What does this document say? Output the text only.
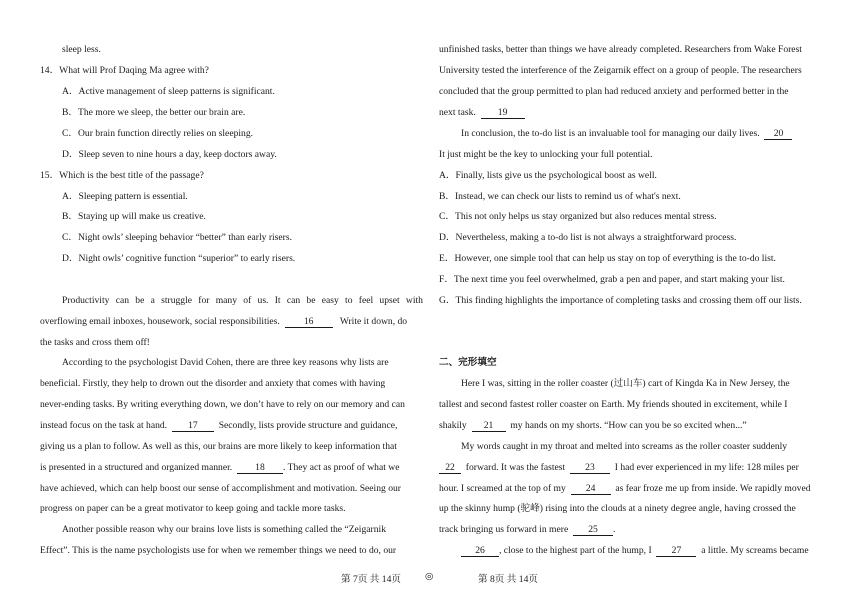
sleep less.
14．What will Prof Daqing Ma agree with?
A．Active management of sleep patterns is significant.
B．The more we sleep, the better our brain are.
C．Our brain function directly relies on sleeping.
D．Sleep seven to nine hours a day, keep doctors away.
15．Which is the best title of the passage?
A．Sleeping pattern is essential.
B．Staying up will make us creative.
C．Night owls’ sleeping behavior “better” than early risers.
D．Night owls’ cognitive function “superior” to early risers.
Productivity can be a struggle for many of us. It can be easy to feel upset with
overflowing email inboxes, housework, social responsibilities.	16	Write it down, do
the tasks and cross them off!
According to the psychologist David Cohen, there are three key reasons why lists are
beneficial. Firstly, they help to drown out the disorder and anxiety that comes with having
never-ending tasks. By writing everything down, we don’t have to rely on our memory and can
instead focus on the task at hand. 17 Secondly, lists provide structure and guidance,
giving us a plan to follow. As well as this, our brains are more likely to keep information that
is presented in a structured and organized manner. 18 . They act as proof of what we
have achieved, which can help boost our sense of accomplishment and motivation. Seeing our
progress on paper can be a great motivator to keep going and tackle more tasks.
Another possible reason why our brains love lists is something called the “Zeigarnik
Effect”. This is the name psychologists use for when we remember things we need to do, our
unfinished tasks, better than things we have already completed. Researchers from Wake Forest
University tested the interference of the Zeigarnik effect on a group of people. The researchers
concluded that the group permitted to plan had reduced anxiety and performed better in the
next task. 19
In conclusion, the to-do list is an invaluable tool for managing our daily lives. 20
It just might be the key to unlocking your full potential.
A．Finally, lists give us the psychological boost as well.
B．Instead, we can check our lists to remind us of what's next.
C．This not only helps us stay organized but also reduces mental stress.
D．Nevertheless, making a to-do list is not always a straightforward process.
E．However, one simple tool that can help us stay on top of everything is the to-do list.
F．The next time you feel overwhelmed, grab a pen and paper, and start making your list.
G．This finding highlights the importance of completing tasks and crossing them off our lists.
二、完形填空
Here I was, sitting in the roller coaster (过山车) cart of Kingda Ka in New Jersey, the
tallest and second fastest roller coaster on Earth. My friends shouted in excitement, while I
shakily 21 my hands on my shorts. “How can you be so excited when...”
My words caught in my throat and melted into screams as the roller coaster suddenly
22 forward. It was the fastest 23 I had ever experienced in my life: 128 miles per
hour. I screamed at the top of my 24 as fear froze me up from inside. We rapidly moved
up the skinny hump (驼峰) rising into the clouds at a ninety degree angle, having crossed the
track bringing us forward in mere 25 .
26 , close to the highest part of the hump, I 27 a little. My screams became
第 7页 共 14页	◎	第 8页 共 14页
